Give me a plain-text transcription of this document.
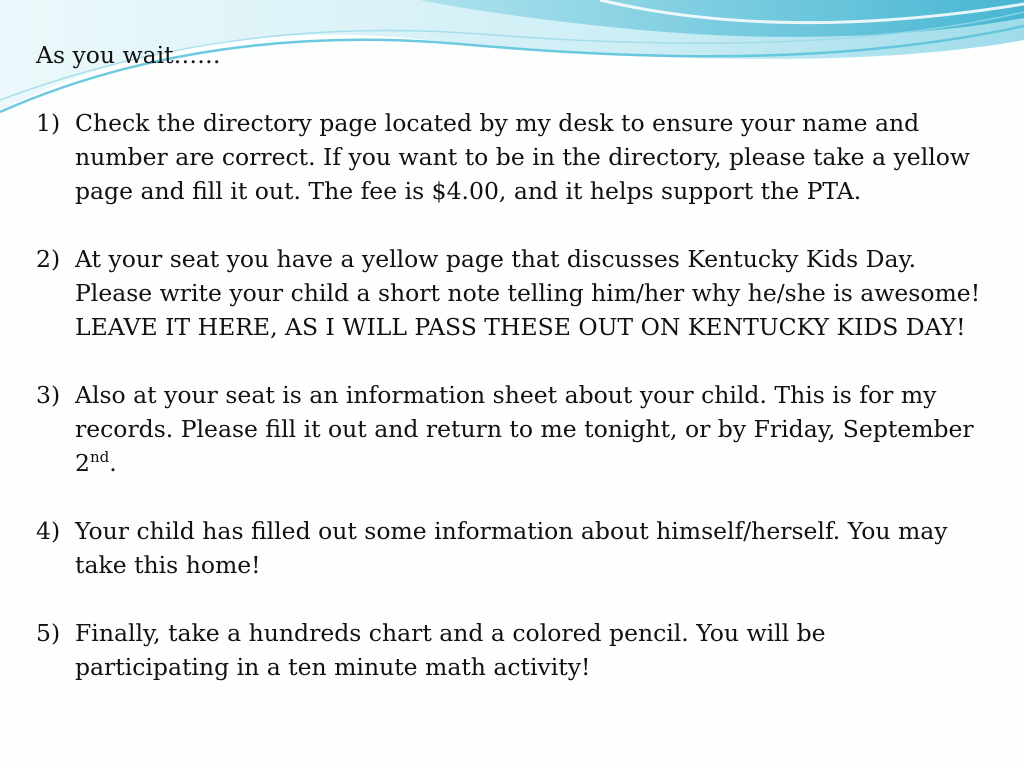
As you wait……

1) Check the directory page located by my desk to ensure your name and number are correct. If you want to be in the directory, please take a yellow page and fill it out. The fee is $4.00, and it helps support the PTA.
2) At your seat you have a yellow page that discusses Kentucky Kids Day. Please write your child a short note telling him/her why he/she is awesome! LEAVE IT HERE, AS I WILL PASS THESE OUT ON KENTUCKY KIDS DAY!
3) Also at your seat is an information sheet about your child. This is for my records. Please fill it out and return to me tonight, or by Friday, September 2nd.
4) Your child has filled out some information about himself/herself. You may take this home!
5) Finally, take a hundreds chart and a colored pencil. You will be participating in a ten minute math activity!
